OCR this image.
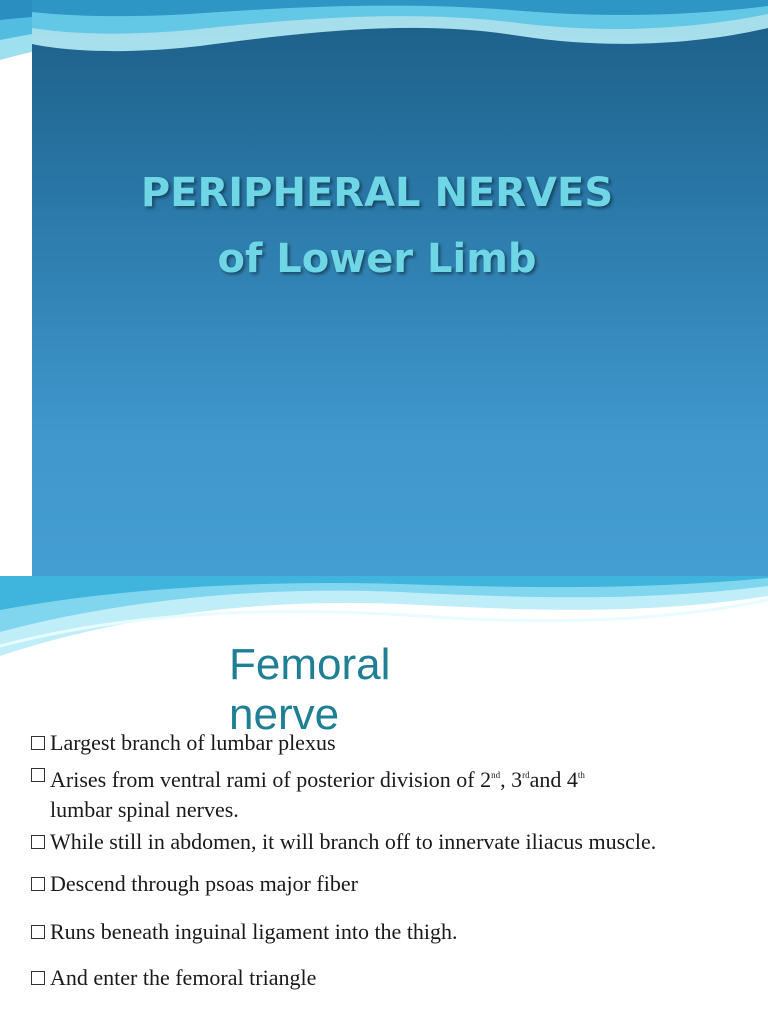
PERIPHERAL NERVES
of Lower Limb
Femoral
nerve
Largest branch of lumbar plexus
Arises from ventral rami of posterior division of 2nd, 3rdand 4th
lumbar spinal nerves.
While still in abdomen, it will branch off to innervate iliacus muscle.
Descend through psoas major fiber
Runs beneath inguinal ligament into the thigh.
And enter the femoral triangle
